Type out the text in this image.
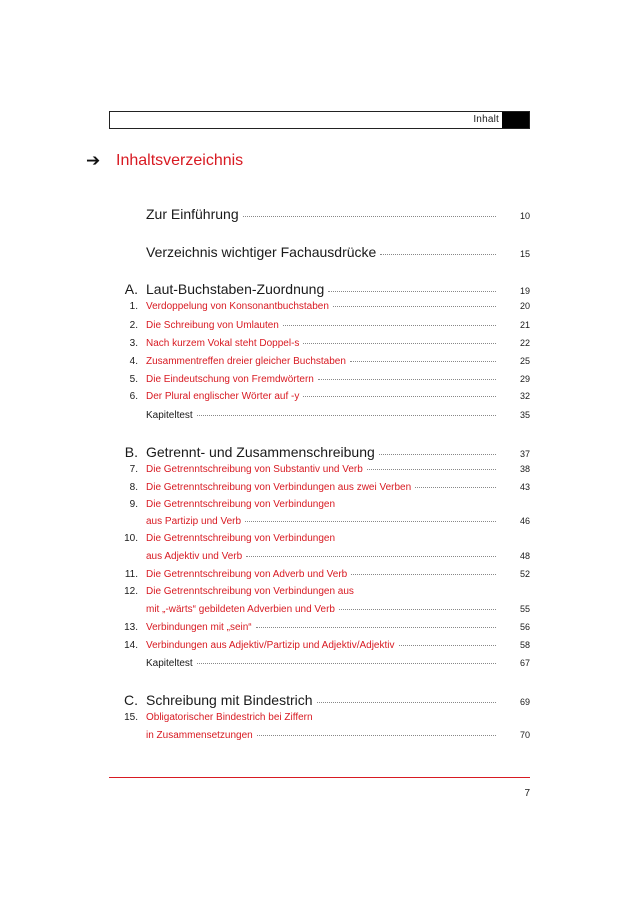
Inhalt
➔ Inhaltsverzeichnis
Zur Einführung	10
Verzeichnis wichtiger Fachausdrücke	15
A. Laut-Buchstaben-Zuordnung	19
1. Verdoppelung von Konsonantbuchstaben	20
2. Die Schreibung von Umlauten	21
3. Nach kurzem Vokal steht Doppel-s	22
4. Zusammentreffen dreier gleicher Buchstaben	25
5. Die Eindeutschung von Fremdwörtern	29
6. Der Plural englischer Wörter auf -y	32
Kapiteltest	35
B. Getrennt- und Zusammenschreibung	37
7. Die Getrenntschreibung von Substantiv und Verb	38
8. Die Getrenntschreibung von Verbindungen aus zwei Verben	43
9. Die Getrenntschreibung von Verbindungen
aus Partizip und Verb	46
10. Die Getrenntschreibung von Verbindungen
aus Adjektiv und Verb	48
11. Die Getrenntschreibung von Adverb und Verb	52
12. Die Getrenntschreibung von Verbindungen aus
mit „-wärts“ gebildeten Adverbien und Verb	55
13. Verbindungen mit „sein“	56
14. Verbindungen aus Adjektiv/Partizip und Adjektiv/Adjektiv	58
Kapiteltest	67
C. Schreibung mit Bindestrich	69
15. Obligatorischer Bindestrich bei Ziffern
in Zusammensetzungen	70
7
